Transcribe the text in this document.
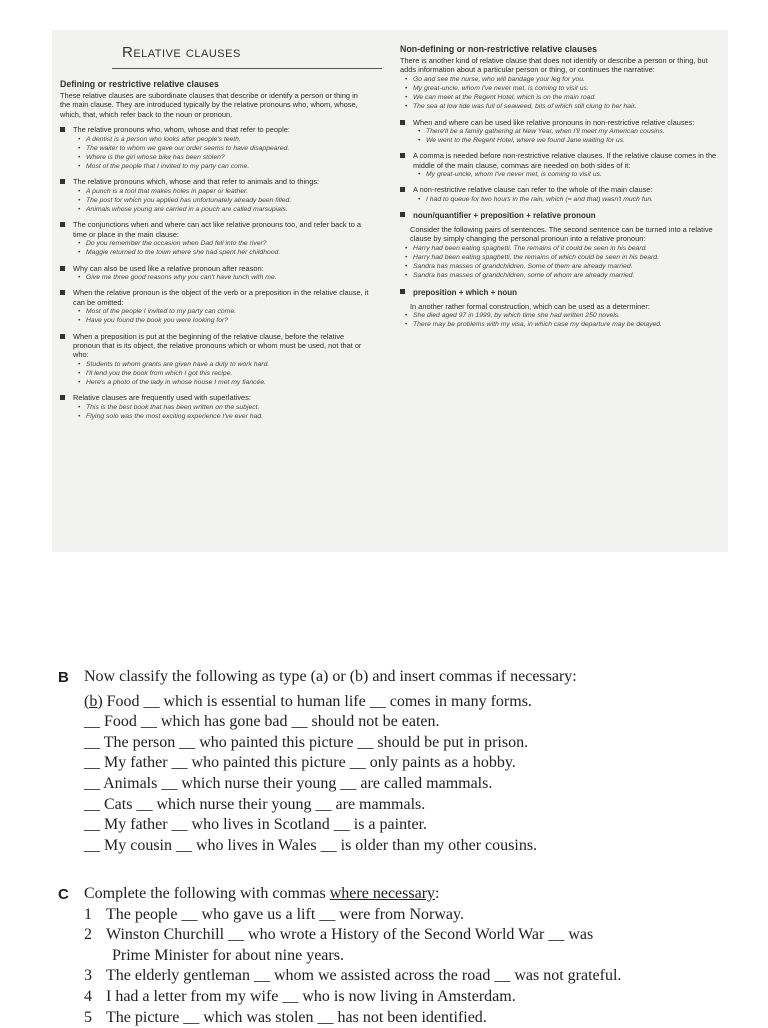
Relative clauses
Defining or restrictive relative clauses

These relative clauses are subordinate clauses that describe or identify a person or thing in the main clause. They are introduced typically by the relative pronouns who, whom, whose, which, that, which refer back to the noun or pronoun.

The relative pronouns who, whom, whose and that refer to people:

• A dentist is a person who looks after people's teeth.

• The waiter to whom we gave our order seems to have disappeared.

• Where is the girl whose bike has been stolen?

• Most of the people that I invited to my party can come.

The relative pronouns which, whose and that refer to animals and to things:

• A punch is a tool that makes holes in paper or leather.

• The post for which you applied has unfortunately already been filled.

• Animals whose young are carried in a pouch are called marsupials.

The conjunctions when and where can act like relative pronouns too, and refer back to a time or place in the main clause:

• Do you remember the occasion when Dad fell into the river?

• Maggie returned to the town where she had spent her childhood.

Why can also be used like a relative pronoun after reason:

• Give me three good reasons why you can't have lunch with me.

When the relative pronoun is the object of the verb or a preposition in the relative clause, it can be omitted:

• Most of the people I invited to my party can come.

• Have you found the book you were looking for?

When a preposition is put at the beginning of the relative clause, before the relative pronoun that is its object, the relative pronouns which or whom must be used, not that or who:

• Students to whom grants are given have a duty to work hard.

• I'll lend you the book from which I got this recipe.

• Here's a photo of the lady in whose house I met my fiancée.

Relative clauses are frequently used with superlatives:

• This is the best book that has been written on the subject.

• Flying solo was the most exciting experience I've ever had.

Non-defining or non-restrictive relative clauses

There is another kind of relative clause that does not identify or describe a person or thing, but adds information about a particular person or thing, or continues the narrative:

• Go and see the nurse, who will bandage your leg for you.

• My great-uncle, whom I've never met, is coming to visit us.

• We can meet at the Regent Hotel, which is on the main road.

• The sea at low tide was full of seaweed, bits of which still clung to her hair.

When and where can be used like relative pronouns in non-restrictive relative clauses:

• There'll be a family gathering at New Year, when I'll meet my American cousins.

• We went to the Regent Hotel, where we found Jane waiting for us.

A comma is needed before non-restrictive relative clauses. If the relative clause comes in the middle of the main clause, commas are needed on both sides of it:

• My great-uncle, whom I've never met, is coming to visit us.

A non-restrictive relative clause can refer to the whole of the main clause:

• I had to queue for two hours in the rain, which (= and that) wasn't much fun.

noun/quantifier + preposition + relative pronoun

Consider the following pairs of sentences. The second sentence can be turned into a relative clause by simply changing the personal pronoun into a relative pronoun:

• Harry had been eating spaghetti. The remains of it could be seen in his beard.

• Harry had been eating spaghetti, the remains of which could be seen in his beard.

• Sandra has masses of grandchildren. Some of them are already married.

• Sandra has masses of grandchildren, some of whom are already married.

preposition + which + noun

In another rather formal construction, which can be used as a determiner:

• She died aged 97 in 1999, by which time she had written 250 novels.

• There may be problems with my visa, in which case my departure may be delayed.

B Now classify the following as type (a) or (b) and insert commas if necessary:
(b) Food __ which is essential to human life __ comes in many forms.
__ Food __ which has gone bad __ should not be eaten.
__ The person __ who painted this picture __ should be put in prison.
__ My father __ who painted this picture __ only paints as a hobby.
__ Animals __ which nurse their young __ are called mammals.
__ Cats __ which nurse their young __ are mammals.
__ My father __ who lives in Scotland __ is a painter.
__ My cousin __ who lives in Wales __ is older than my other cousins.
C Complete the following with commas where necessary:
1 The people __ who gave us a lift __ were from Norway.
2 Winston Churchill __ who wrote a History of the Second World War __ was
Prime Minister for about nine years.
3 The elderly gentleman __ whom we assisted across the road __ was not grateful.
4 I had a letter from my wife __ who is now living in Amsterdam.
5 The picture __ which was stolen __ has not been identified.
